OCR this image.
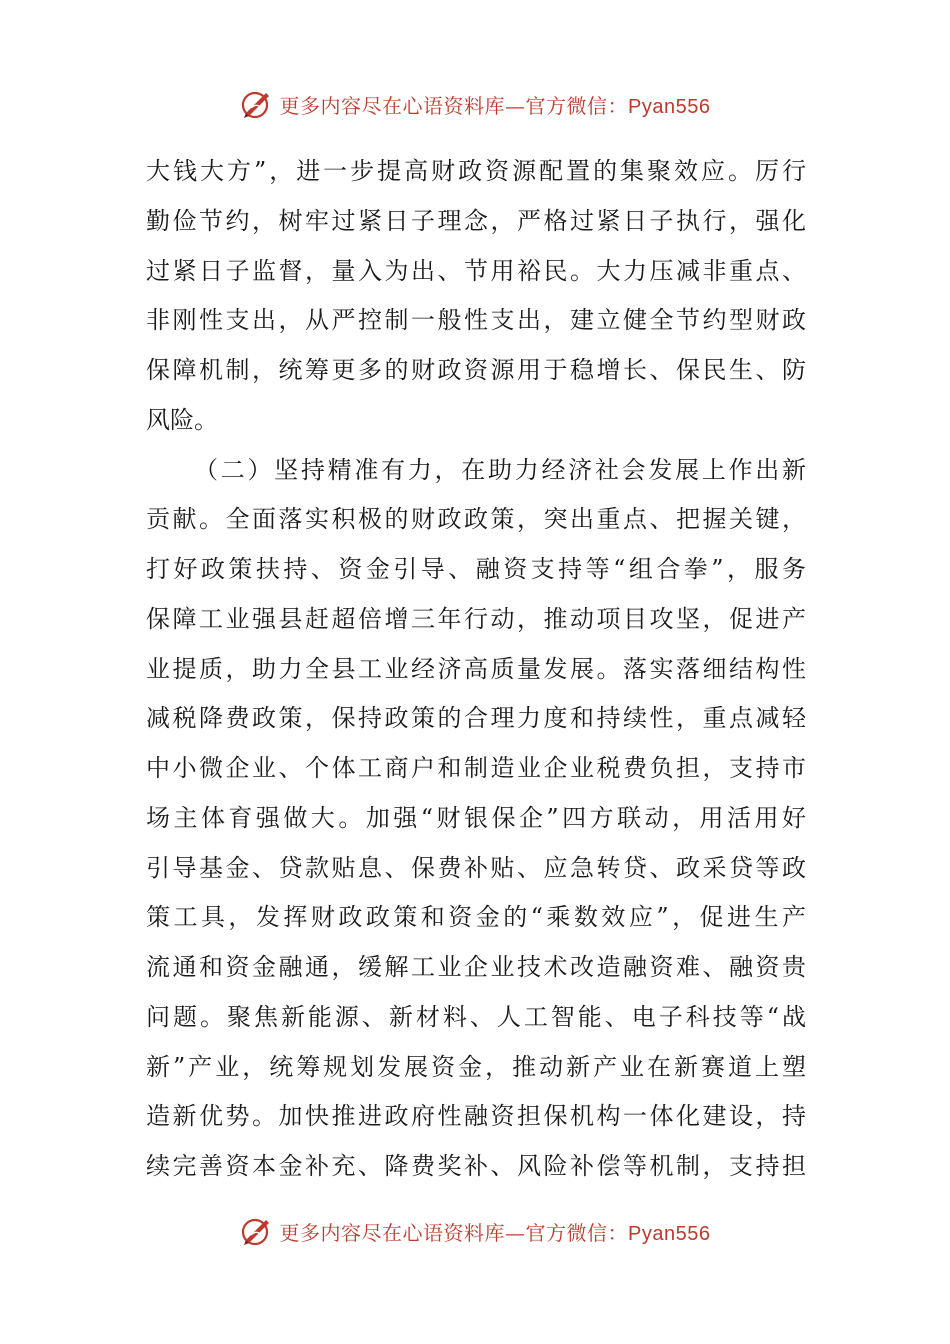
更多内容尽在心语资料库—官方微信：Pyan556
大钱大方”，进一步提高财政资源配置的集聚效应。厉行
勤俭节约，树牢过紧日子理念，严格过紧日子执行，强化
过紧日子监督，量入为出、节用裕民。大力压减非重点、
非刚性支出，从严控制一般性支出，建立健全节约型财政
保障机制，统筹更多的财政资源用于稳增长、保民生、防
风险。
（二）坚持精准有力，在助力经济社会发展上作出新
贡献。全面落实积极的财政政策，突出重点、把握关键，
打好政策扶持、资金引导、融资支持等“组合拳”，服务
保障工业强县赶超倍增三年行动，推动项目攻坚，促进产
业提质，助力全县工业经济高质量发展。落实落细结构性
减税降费政策，保持政策的合理力度和持续性，重点减轻
中小微企业、个体工商户和制造业企业税费负担，支持市
场主体育强做大。加强“财银保企”四方联动，用活用好
引导基金、贷款贴息、保费补贴、应急转贷、政采贷等政
策工具，发挥财政政策和资金的“乘数效应”，促进生产
流通和资金融通，缓解工业企业技术改造融资难、融资贵
问题。聚焦新能源、新材料、人工智能、电子科技等“战
新”产业，统筹规划发展资金，推动新产业在新赛道上塑
造新优势。加快推进政府性融资担保机构一体化建设，持
续完善资本金补充、降费奖补、风险补偿等机制，支持担
更多内容尽在心语资料库—官方微信：Pyan556
